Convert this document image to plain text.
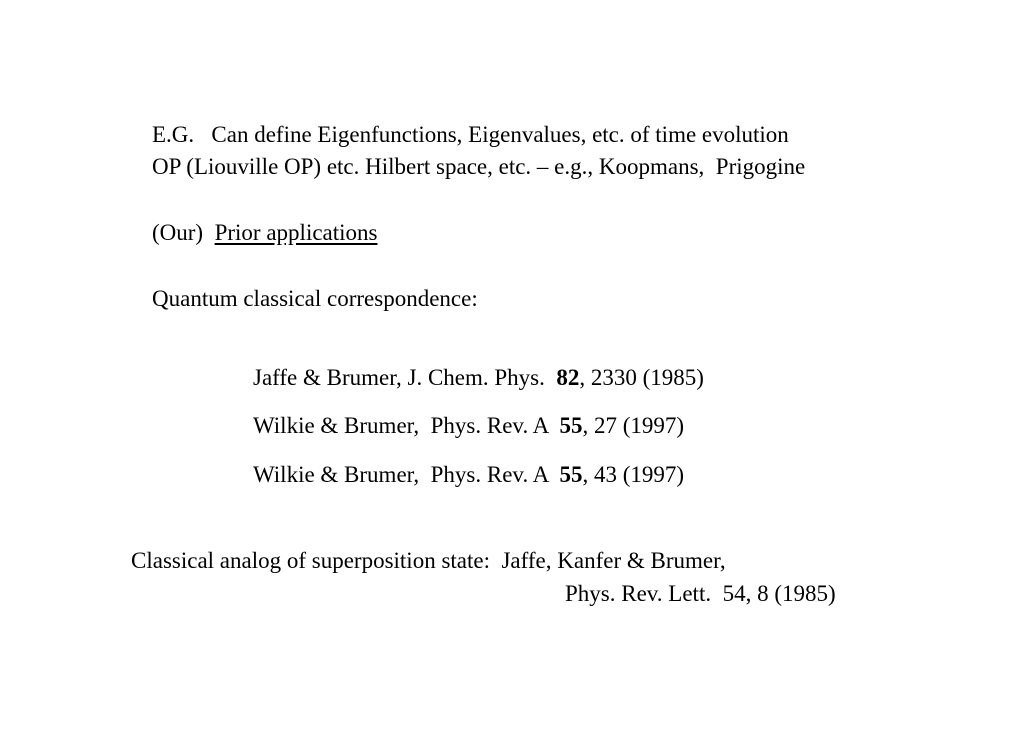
E.G.   Can define Eigenfunctions, Eigenvalues, etc. of time evolution
OP (Liouville OP) etc. Hilbert space, etc. – e.g., Koopmans,  Prigogine
(Our)  Prior applications
Quantum classical correspondence:
Jaffe & Brumer, J. Chem. Phys.  82, 2330 (1985)
Wilkie & Brumer,  Phys. Rev. A  55, 27 (1997)
Wilkie & Brumer,  Phys. Rev. A  55, 43 (1997)
Classical analog of superposition state:  Jaffe, Kanfer & Brumer,
Phys. Rev. Lett.  54, 8 (1985)
